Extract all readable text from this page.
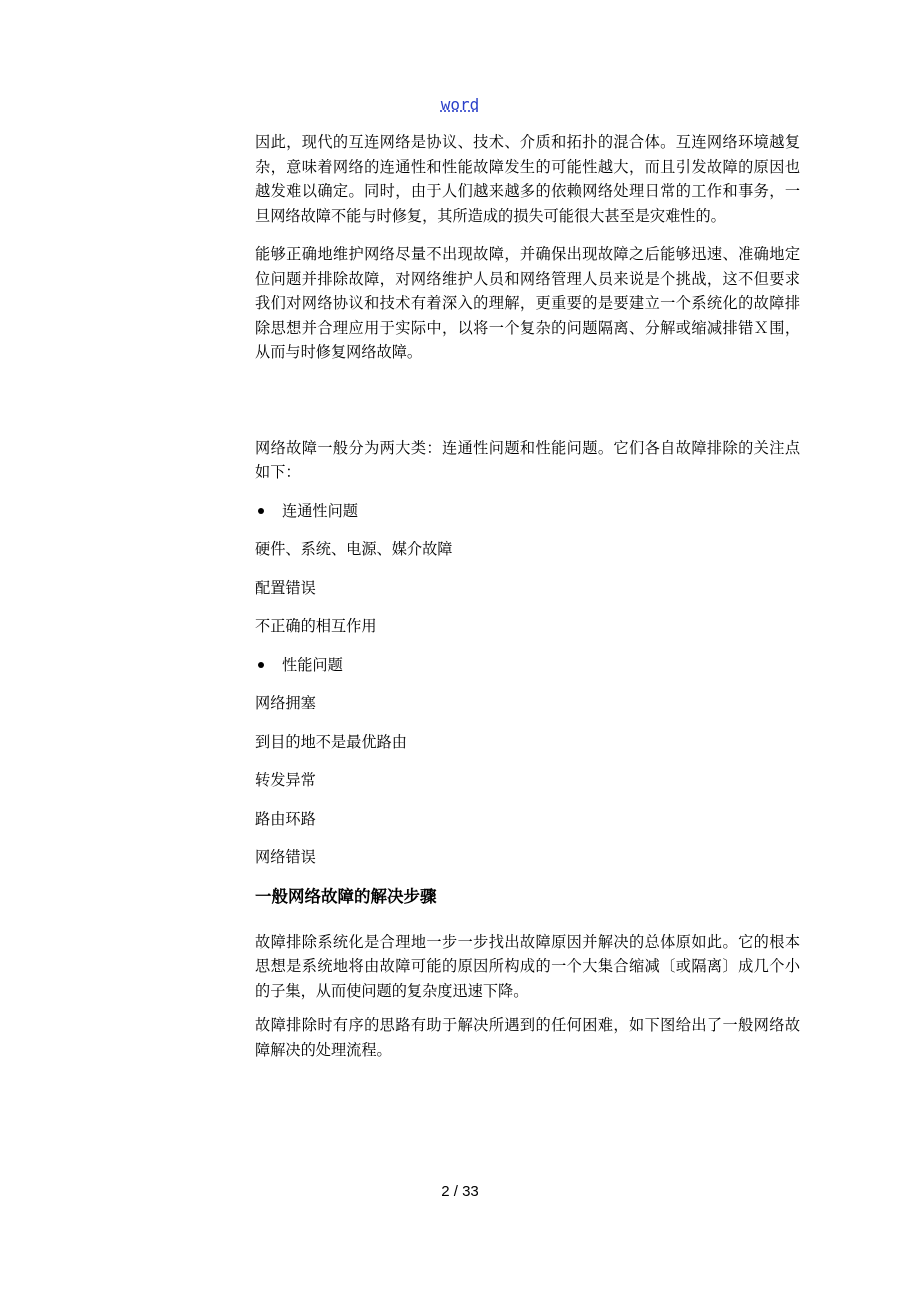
word

因此，现代的互连网络是协议、技术、介质和拓扑的混合体。互连网络环境越复杂，意味着网络的连通性和性能故障发生的可能性越大，而且引发故障的原因也越发难以确定。同时，由于人们越来越多的依赖网络处理日常的工作和事务，一旦网络故障不能与时修复，其所造成的损失可能很大甚至是灾难性的。

能够正确地维护网络尽量不出现故障，并确保出现故障之后能够迅速、准确地定位问题并排除故障，对网络维护人员和网络管理人员来说是个挑战，这不但要求我们对网络协议和技术有着深入的理解，更重要的是要建立一个系统化的故障排除思想并合理应用于实际中，以将一个复杂的问题隔离、分解或缩减排错Ｘ围，从而与时修复网络故障。

网络故障一般分为两大类：连通性问题和性能问题。它们各自故障排除的关注点如下：

连通性问题

硬件、系统、电源、媒介故障

配置错误

不正确的相互作用

性能问题

网络拥塞

到目的地不是最优路由

转发异常

路由环路

网络错误

一般网络故障的解决步骤

故障排除系统化是合理地一步一步找出故障原因并解决的总体原如此。它的根本思想是系统地将由故障可能的原因所构成的一个大集合缩减〔或隔离〕成几个小的子集，从而使问题的复杂度迅速下降。

故障排除时有序的思路有助于解决所遇到的任何困难，如下图给出了一般网络故障解决的处理流程。

2 / 33
